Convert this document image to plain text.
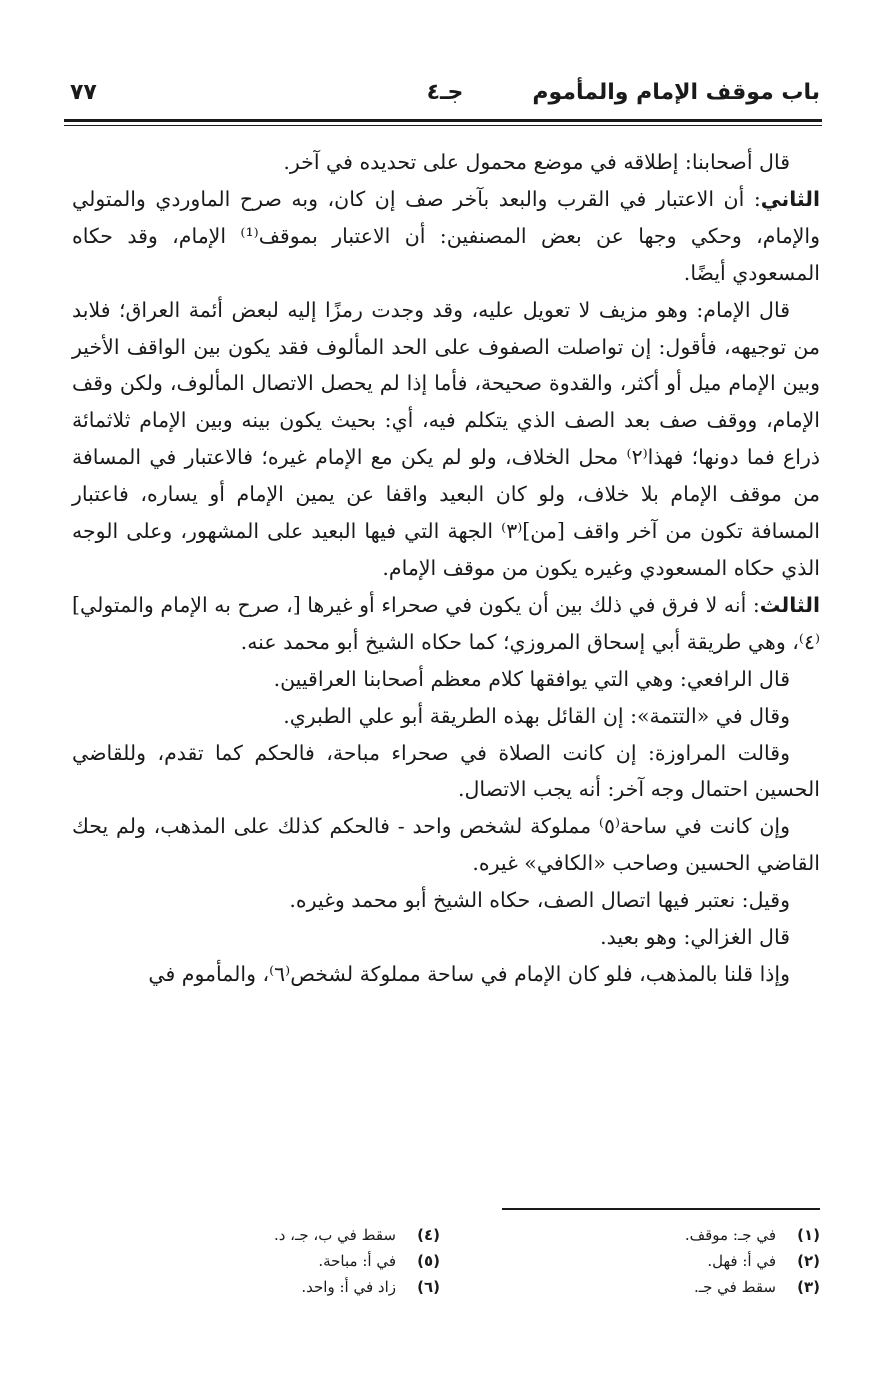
باب موقف الإمام والمأموم
جـ٤
٧٧

قال أصحابنا: إطلاقه في موضع محمول على تحديده في آخر.

الثاني: أن الاعتبار في القرب والبعد بآخر صف إن كان، وبه صرح الماوردي والمتولي والإمام، وحكي وجها عن بعض المصنفين: أن الاعتبار بموقف⁽¹⁾ الإمام، وقد حكاه المسعودي أيضًا.

قال الإمام: وهو مزيف لا تعويل عليه، وقد وجدت رمزًا إليه لبعض أئمة العراق؛ فلابد من توجيهه، فأقول: إن تواصلت الصفوف على الحد المألوف فقد يكون بين الواقف الأخير وبين الإمام ميل أو أكثر، والقدوة صحيحة، فأما إذا لم يحصل الاتصال المألوف، ولكن وقف الإمام، ووقف صف بعد الصف الذي يتكلم فيه، أي: بحيث يكون بينه وبين الإمام ثلاثمائة ذراع فما دونها؛ فهذا⁽٢⁾ محل الخلاف، ولو لم يكن مع الإمام غيره؛ فالاعتبار في المسافة من موقف الإمام بلا خلاف، ولو كان البعيد واقفا عن يمين الإمام أو يساره، فاعتبار المسافة تكون من آخر واقف [من]⁽٣⁾ الجهة التي فيها البعيد على المشهور، وعلى الوجه الذي حكاه المسعودي وغيره يكون من موقف الإمام.

الثالث: أنه لا فرق في ذلك بين أن يكون في صحراء أو غيرها [، صرح به الإمام والمتولي]⁽٤⁾، وهي طريقة أبي إسحاق المروزي؛ كما حكاه الشيخ أبو محمد عنه.

قال الرافعي: وهي التي يوافقها كلام معظم أصحابنا العراقيين.

وقال في «التتمة»: إن القائل بهذه الطريقة أبو علي الطبري.

وقالت المراوزة: إن كانت الصلاة في صحراء مباحة، فالحكم كما تقدم، وللقاضي الحسين احتمال وجه آخر: أنه يجب الاتصال.

وإن كانت في ساحة⁽٥⁾ مملوكة لشخص واحد - فالحكم كذلك على المذهب، ولم يحك القاضي الحسين وصاحب «الكافي» غيره.

وقيل: نعتبر فيها اتصال الصف، حكاه الشيخ أبو محمد وغيره.

قال الغزالي: وهو بعيد.

وإذا قلنا بالمذهب، فلو كان الإمام في ساحة مملوكة لشخص⁽٦⁾، والمأموم في

(١)
في جـ: موقف.
(٢)
في أ: فهل.
(٣)
سقط في جـ.
(٤)
سقط في ب، جـ، د.
(٥)
في أ: مباحة.
(٦)
زاد في أ: واحد.
